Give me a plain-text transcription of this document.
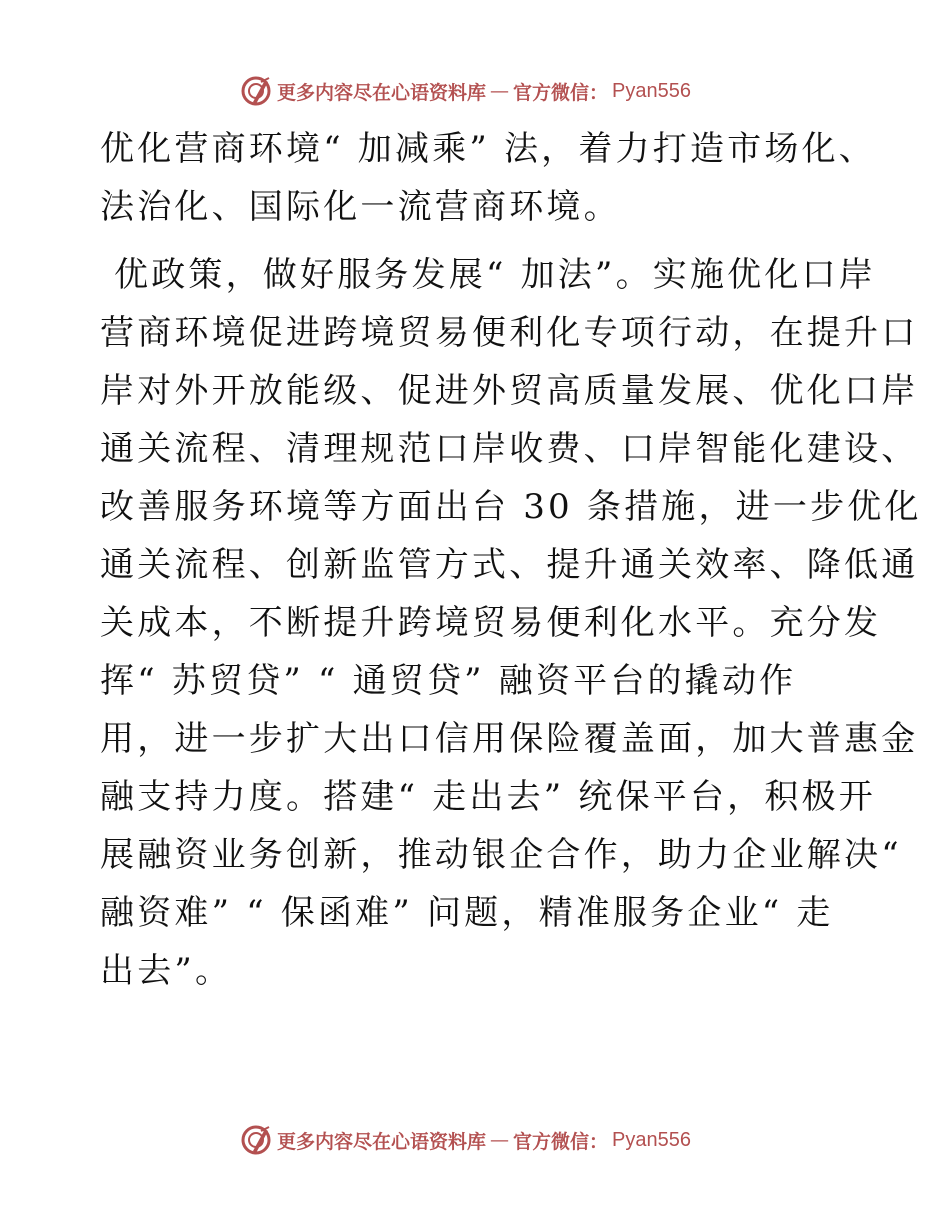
更多内容尽在心语资料库 — 官方微信： Pyan556
优化营商环境“ 加减乘” 法，着力打造市场化、
法治化、国际化一流营商环境。
优政策，做好服务发展“ 加法”。实施优化口岸
营商环境促进跨境贸易便利化专项行动，在提升口
岸对外开放能级、促进外贸高质量发展、优化口岸
通关流程、清理规范口岸收费、口岸智能化建设、
改善服务环境等方面出台 30 条措施，进一步优化
通关流程、创新监管方式、提升通关效率、降低通
关成本，不断提升跨境贸易便利化水平。充分发
挥“ 苏贸贷” “ 通贸贷” 融资平台的撬动作
用，进一步扩大出口信用保险覆盖面，加大普惠金
融支持力度。搭建“ 走出去” 统保平台，积极开
展融资业务创新，推动银企合作，助力企业解决“
融资难” “ 保函难” 问题，精准服务企业“ 走
出去”。
更多内容尽在心语资料库 — 官方微信： Pyan556
